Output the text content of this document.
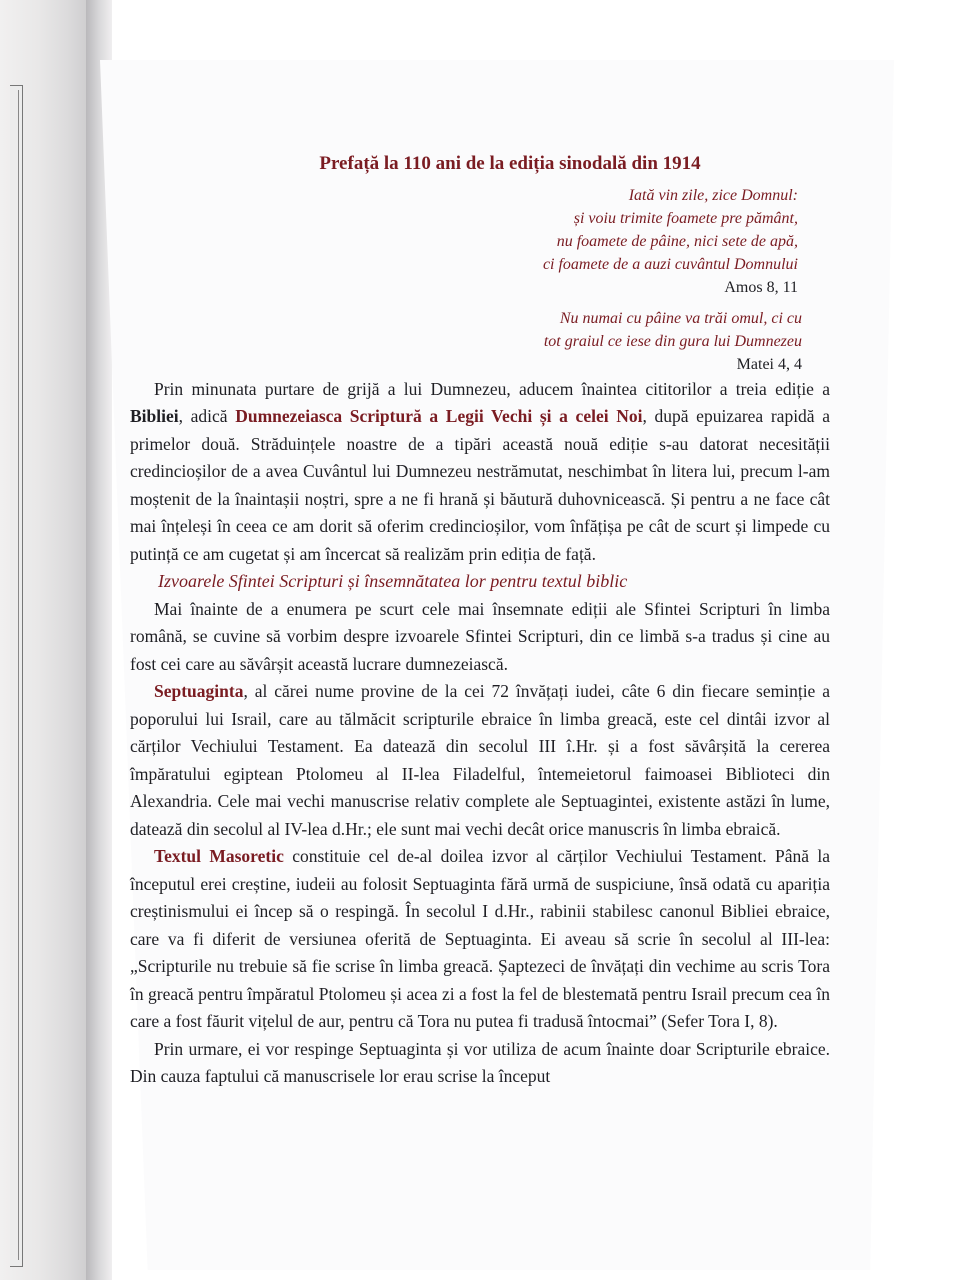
Prefață la 110 ani de la ediția sinodală din 1914
Iată vin zile, zice Domnul:
și voiu trimite foamete pre pământ,
nu foamete de pâine, nici sete de apă,
ci foamete de a auzi cuvântul Domnului
Amos 8, 11
Nu numai cu pâine va trăi omul, ci cu
tot graiul ce iese din gura lui Dumnezeu
Matei 4, 4

Prin minunata purtare de grijă a lui Dumnezeu, aducem înaintea cititorilor a treia ediție a Bibliei, adică Dumnezeiasca Scriptură a Legii Vechi și a celei Noi, după epuizarea rapidă a primelor două. Străduințele noastre de a tipări această nouă ediție s-au datorat necesității credincioșilor de a avea Cuvântul lui Dumnezeu nestrămutat, neschimbat în litera lui, precum l-am moștenit de la înaintașii noștri, spre a ne fi hrană și băutură duhovnicească. Și pentru a ne face cât mai înțeleși în ceea ce am dorit să oferim credincioșilor, vom înfățișa pe cât de scurt și limpede cu putință ce am cugetat și am încercat să realizăm prin ediția de față.

Izvoarele Sfintei Scripturi și însemnătatea lor pentru textul biblic

Mai înainte de a enumera pe scurt cele mai însemnate ediții ale Sfintei Scripturi în limba română, se cuvine să vorbim despre izvoarele Sfintei Scripturi, din ce limbă s-a tradus și cine au fost cei care au săvârșit această lucrare dumnezeiască.

Septuaginta, al cărei nume provine de la cei 72 învățați iudei, câte 6 din fiecare seminție a poporului lui Israil, care au tălmăcit scripturile ebraice în limba greacă, este cel dintâi izvor al cărților Vechiului Testament. Ea datează din secolul III î.Hr. și a fost săvârșită la cererea împăratului egiptean Ptolomeu al II-lea Filadelful, întemeietorul faimoasei Biblioteci din Alexandria. Cele mai vechi manuscrise relativ complete ale Septuagintei, existente astăzi în lume, datează din secolul al IV-lea d.Hr.; ele sunt mai vechi decât orice manuscris în limba ebraică.

Textul Masoretic constituie cel de-al doilea izvor al cărților Vechiului Testament. Până la începutul erei creștine, iudeii au folosit Septuaginta fără urmă de suspiciune, însă odată cu apariția creștinismului ei încep să o respingă. În secolul I d.Hr., rabinii stabilesc canonul Bibliei ebraice, care va fi diferit de versiunea oferită de Septuaginta. Ei aveau să scrie în secolul al III-lea: „Scripturile nu trebuie să fie scrise în limba greacă. Șaptezeci de învățați din vechime au scris Tora în greacă pentru împăratul Ptolomeu și acea zi a fost la fel de blestemată pentru Israil precum cea în care a fost făurit vițelul de aur, pentru că Tora nu putea fi tradusă întocmai” (Sefer Tora I, 8).

Prin urmare, ei vor respinge Septuaginta și vor utiliza de acum înainte doar Scripturile ebraice. Din cauza faptului că manuscrisele lor erau scrise la început
